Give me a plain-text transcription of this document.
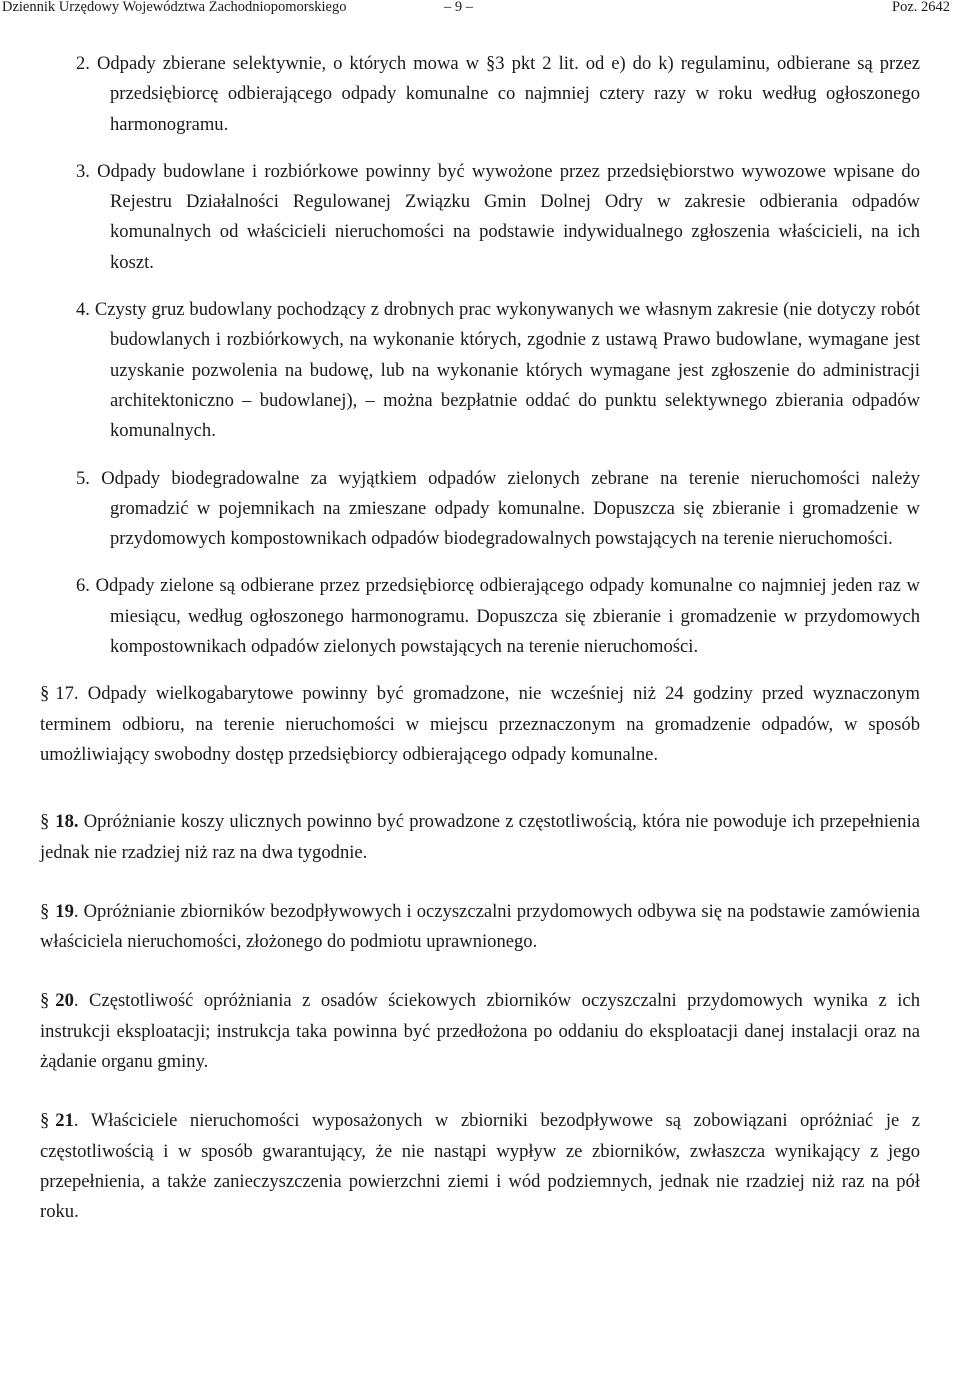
Dziennik Urzędowy Województwa Zachodniopomorskiego	– 9 –	Poz. 2642

2. Odpady zbierane selektywnie, o których mowa w §3 pkt 2 lit. od e) do k) regulaminu, odbierane są przez przedsiębiorcę odbierającego odpady komunalne co najmniej cztery razy w roku według ogłoszonego harmonogramu.

3. Odpady budowlane i rozbiórkowe powinny być wywożone przez przedsiębiorstwo wywozowe wpisane do Rejestru Działalności Regulowanej Związku Gmin Dolnej Odry w zakresie odbierania odpadów komunalnych od właścicieli nieruchomości na podstawie indywidualnego zgłoszenia właścicieli, na ich koszt.

4. Czysty gruz budowlany pochodzący z drobnych prac wykonywanych we własnym zakresie (nie dotyczy robót budowlanych i rozbiórkowych, na wykonanie których, zgodnie z ustawą Prawo budowlane, wymagane jest uzyskanie pozwolenia na budowę, lub na wykonanie których wymagane jest zgłoszenie do administracji architektoniczno – budowlanej), – można bezpłatnie oddać do punktu selektywnego zbierania odpadów komunalnych.

5. Odpady biodegradowalne za wyjątkiem odpadów zielonych zebrane na terenie nieruchomości należy gromadzić w pojemnikach na zmieszane odpady komunalne. Dopuszcza się zbieranie i gromadzenie w przydomowych kompostownikach odpadów biodegradowalnych powstających na terenie nieruchomości.

6. Odpady zielone są odbierane przez przedsiębiorcę odbierającego odpady komunalne co najmniej jeden raz w miesiącu, według ogłoszonego harmonogramu. Dopuszcza się zbieranie i gromadzenie w przydomowych kompostownikach odpadów zielonych powstających na terenie nieruchomości.

§ 17. Odpady wielkogabarytowe powinny być gromadzone, nie wcześniej niż 24 godziny przed wyznaczonym terminem odbioru, na terenie nieruchomości w miejscu przeznaczonym na gromadzenie odpadów, w sposób umożliwiający swobodny dostęp przedsiębiorcy odbierającego odpady komunalne.

§ 18. Opróżnianie koszy ulicznych powinno być prowadzone z częstotliwością, która nie powoduje ich przepełnienia jednak nie rzadziej niż raz na dwa tygodnie.

§ 19. Opróżnianie zbiorników bezodpływowych i oczyszczalni przydomowych odbywa się na podstawie zamówienia właściciela nieruchomości, złożonego do podmiotu uprawnionego.

§ 20. Częstotliwość opróżniania z osadów ściekowych zbiorników oczyszczalni przydomowych wynika z ich instrukcji eksploatacji; instrukcja taka powinna być przedłożona po oddaniu do eksploatacji danej instalacji oraz na żądanie organu gminy.

§ 21. Właściciele nieruchomości wyposażonych w zbiorniki bezodpływowe są zobowiązani opróżniać je z częstotliwością i w sposób gwarantujący, że nie nastąpi wypływ ze zbiorników, zwłaszcza wynikający z jego przepełnienia, a także zanieczyszczenia powierzchni ziemi i wód podziemnych, jednak nie rzadziej niż raz na pół roku.
